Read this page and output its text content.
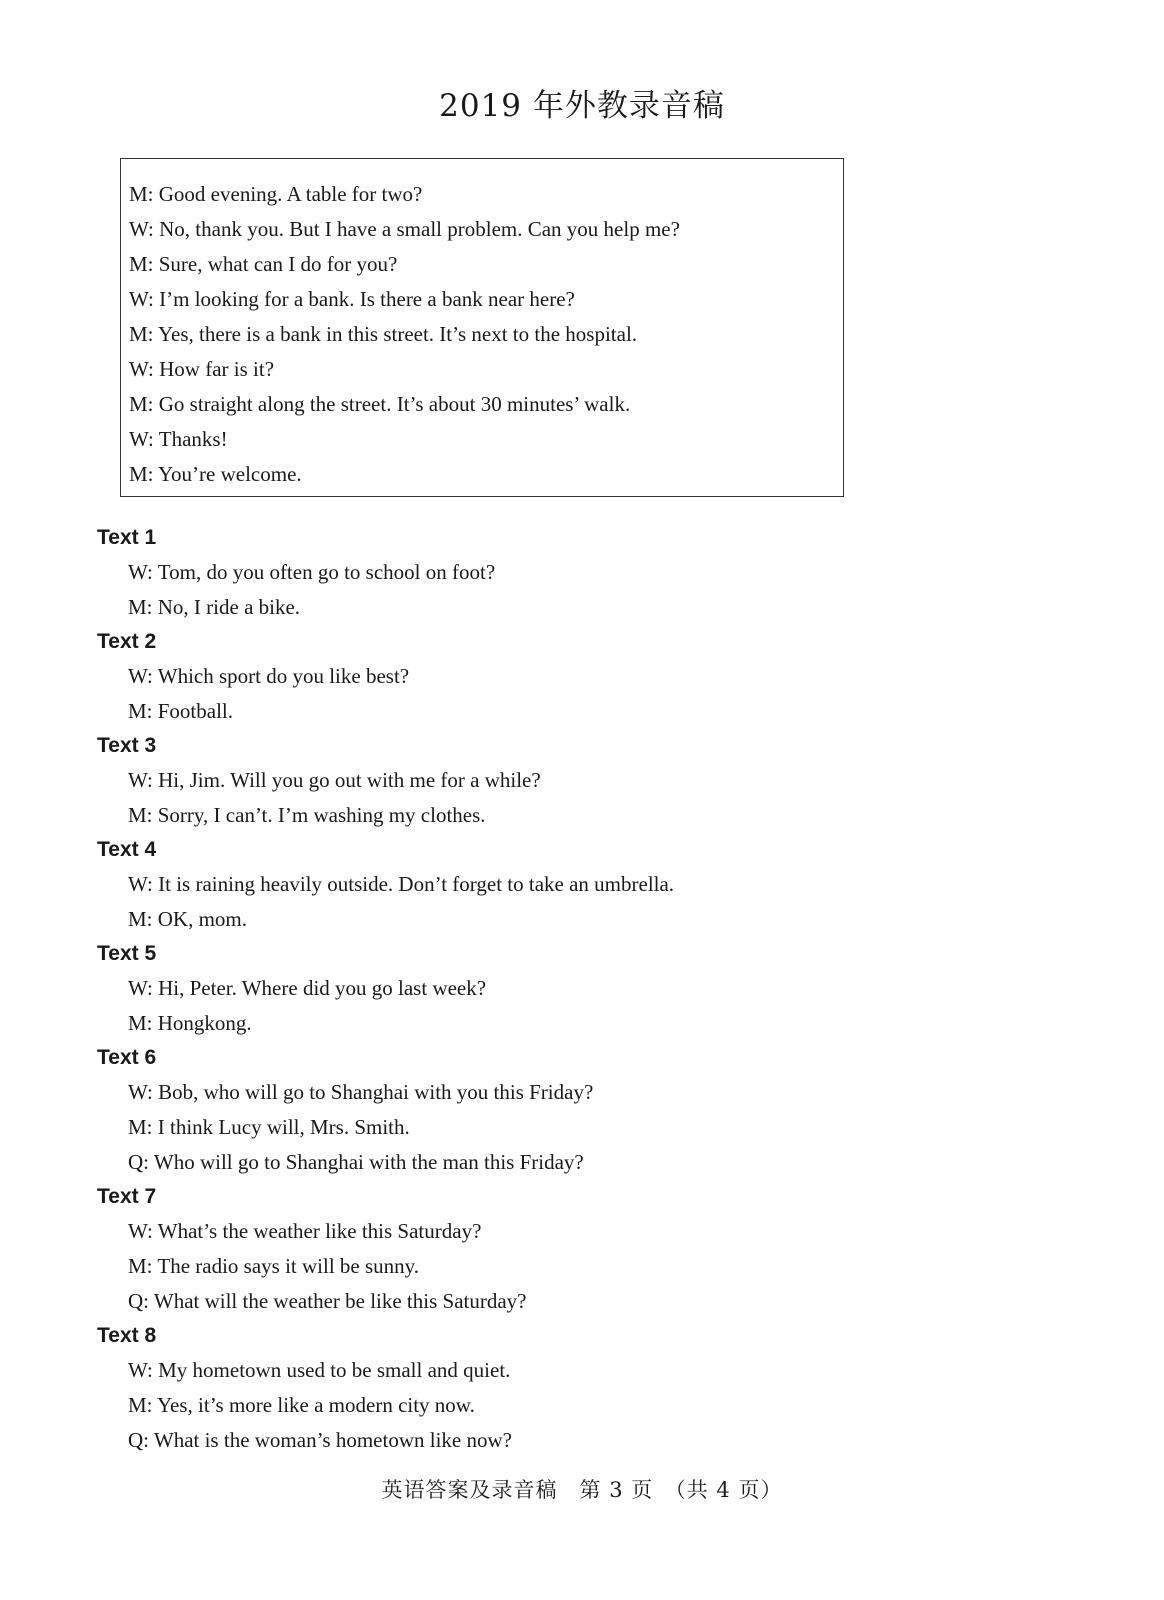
2019 年外教录音稿
M: Good evening. A table for two?
W: No, thank you. But I have a small problem. Can you help me?
M: Sure, what can I do for you?
W: I’m looking for a bank. Is there a bank near here?
M: Yes, there is a bank in this street. It’s next to the hospital.
W: How far is it?
M: Go straight along the street. It’s about 30 minutes’ walk.
W: Thanks!
M: You’re welcome.
Text 1
W: Tom, do you often go to school on foot?
M: No, I ride a bike.
Text 2
W: Which sport do you like best?
M: Football.
Text 3
W: Hi, Jim. Will you go out with me for a while?
M: Sorry, I can’t. I’m washing my clothes.
Text 4
W: It is raining heavily outside. Don’t forget to take an umbrella.
M: OK, mom.
Text 5
W: Hi, Peter. Where did you go last week?
M: Hongkong.
Text 6
W: Bob, who will go to Shanghai with you this Friday?
M: I think Lucy will, Mrs. Smith.
Q: Who will go to Shanghai with the man this Friday?
Text 7
W: What’s the weather like this Saturday?
M: The radio says it will be sunny.
Q: What will the weather be like this Saturday?
Text 8
W: My hometown used to be small and quiet.
M: Yes, it’s more like a modern city now.
Q: What is the woman’s hometown like now?
英语答案及录音稿　第 3 页　（共 4 页）
